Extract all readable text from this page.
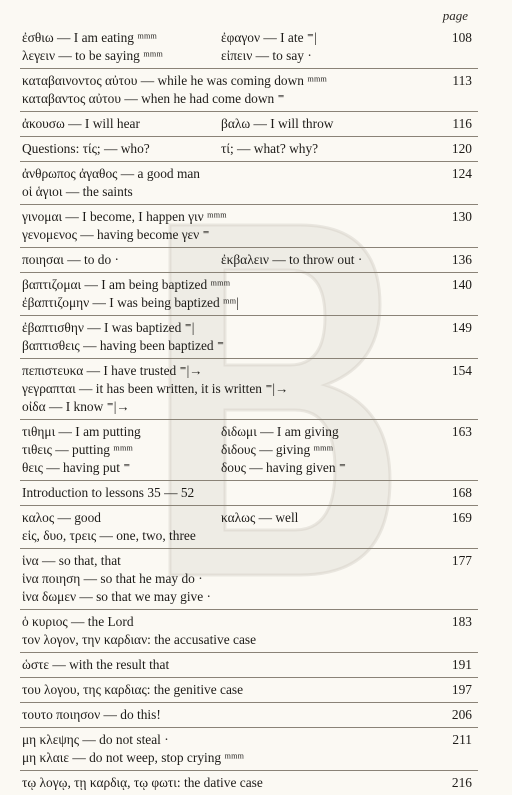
page
ἐσθιω — I am eating ᵐᵐᵐ	ἐφαγον — I ate ⁼|
λεγειν — to be saying ᵐᵐᵐ	εἰπειν — to say ·
108
καταβαινοντος αὐτου — while he was coming down ᵐᵐᵐ
καταβαντος αὐτου — when he had come down ⁼
113
ἀκουσω — I will hear	βαλω — I will throw	116
Questions: τίς; — who?	τί; — what? why?	120
ἀνθρωπος ἀγαθος — a good man
οἱ ἁγιοι — the saints
124
γινομαι — I become, I happen γιν ᵐᵐᵐ
γενομενος — having become γεν ⁼
130
ποιησαι — to do ·	ἐκβαλειν — to throw out ·	136
βαπτιζομαι — I am being baptized ᵐᵐᵐ
ἐβαπτιζομην — I was being baptized ᵐᵐ|
140
ἐβαπτισθην — I was baptized ⁼|
βαπτισθεις — having been baptized ⁼
149
πεπιστευκα — I have trusted ⁼|→
γεγραπται — it has been written, it is written ⁼|→
οἰδα — I know ⁼|→
154
τιθημι — I am putting	διδωμι — I am giving
τιθεις — putting ᵐᵐᵐ	διδους — giving ᵐᵐᵐ
θεις — having put ⁼	δους — having given ⁼
163
Introduction to lessons 35 — 52	168
καλος — good	καλως — well
εἱς, δυο, τρεις — one, two, three
169
ἱνα — so that, that
ἱνα ποιηση — so that he may do ·
ἱνα δωμεν — so that we may give ·
177
ὁ κυριος — the Lord
τον λογον, την καρδιαν: the accusative case
183
ὡστε — with the result that	191
του λογου, της καρδιας: the genitive case	197
τουτο ποιησον — do this!	206
μη κλεψης — do not steal ·
μη κλαιε — do not weep, stop crying ᵐᵐᵐ
211
τῳ λογῳ, τῃ καρδιᾳ, τῳ φωτι: the dative case	216
